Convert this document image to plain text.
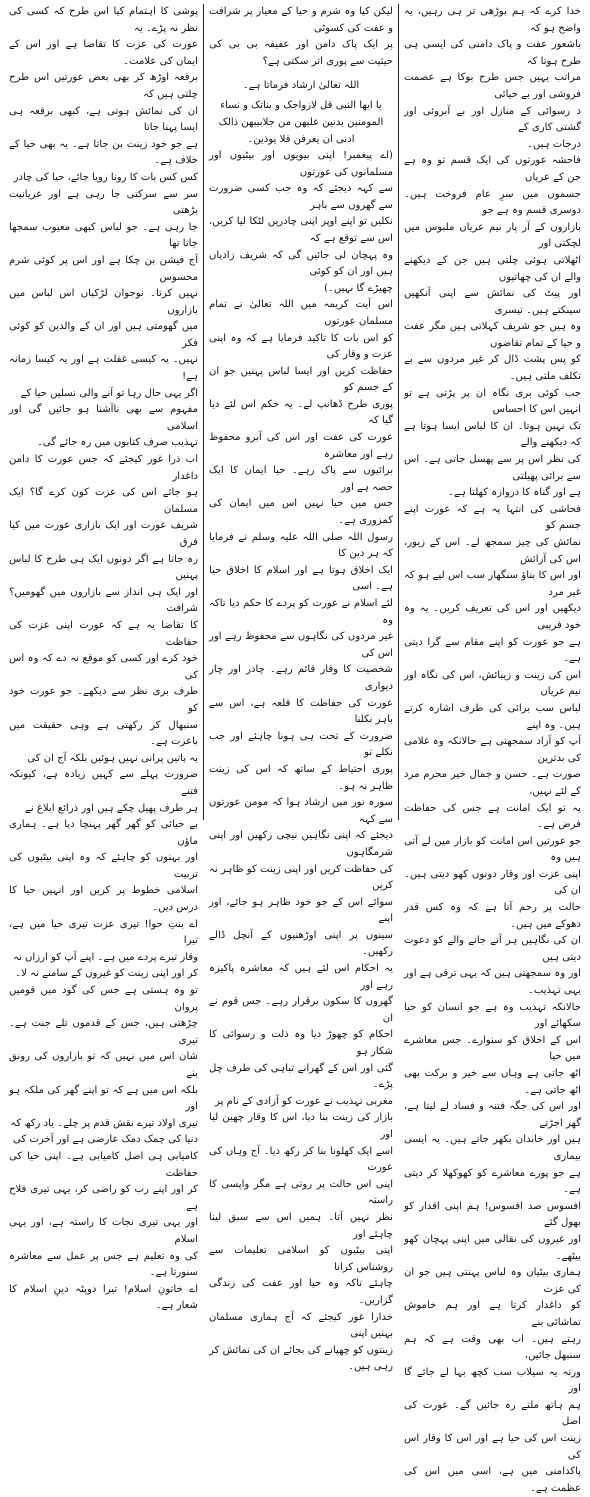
خدا کرے کہ ہم بوڑھی تر ہی رہیں، یہ واضح ہو کہ

باشعور عفت و پاک دامنی کی ایسی ہی طرح ہوتا کہ

مراتب یہیں جس طرح بوکا ہے عصمت فروشی اور بے حیائی

د رسوائی کے منازل اور بے آبروئی اور گشتی کاری کے

درجات ہیں۔

فاحشہ عورتوں کی ایک قسم تو وہ ہے جن کے عریاں

جسموں میں سرِ عام فروخت ہیں۔ دوسری قسم وہ ہے جو

بازاروں کے آر پار نیم عریاں ملبوس میں لچکتی اور

اٹھلاتی ہوئی چلتی ہیں جن کے دیکھنے والے ان کی چھاتیوں

اور پیٹ کی نمائش سے اپنی آنکھیں سینکتے ہیں۔ تیسری

وہ ہیں جو شریف کہلاتی ہیں مگر عفت و حیا کے تمام تقاضوں

کو پس پشت ڈال کر غیر مردوں سے بے تکلف ملتی ہیں۔

جب کوئی بری نگاہ ان پر پڑتی ہے تو انہیں اس کا احساس

تک نہیں ہوتا۔ ان کا لباس ایسا ہوتا ہے کہ دیکھنے والے

کی نظر اس پر سے پھسل جاتی ہے۔ اس سے برائی پھیلتی

ہے اور گناہ کا دروازہ کھلتا ہے۔

فحاشی کی انتہا یہ ہے کہ عورت اپنے جسم کو

نمائش کی چیز سمجھ لے۔ اس کے زیور، اس کی آرائش

اور اس کا بناؤ سنگھار سب اس لیے ہو کہ غیر مرد

دیکھیں اور اس کی تعریف کریں۔ یہ وہ خود فریبی

ہے جو عورت کو اپنے مقام سے گرا دیتی ہے۔

اس کی زینت و زیبائش، اس کی نگاہ اور نیم عریاں

لباس سب برائی کی طرف اشارہ کرتے ہیں۔ وہ اپنے

آپ کو آزاد سمجھتی ہے حالانکہ وہ غلامی کی بدترین

صورت ہے۔ حسن و جمال خیر محرم مرد کے لئے نہیں،

یہ تو ایک امانت ہے جس کی حفاظت فرض ہے۔

جو عورتیں اس امانت کو بازار میں لے آتی ہیں وہ

اپنی عزت اور وقار دونوں کھو دیتی ہیں۔ ان کی

حالت پر رحم آتا ہے کہ وہ کس قدر دھوکے میں ہیں۔

ان کی نگاہیں ہر آنے جانے والے کو دعوت دیتی ہیں

اور وہ سمجھتی ہیں کہ یہی ترقی ہے اور یہی تہذیب۔

حالانکہ تہذیب وہ ہے جو انسان کو حیا سکھائے اور

اس کے اخلاق کو سنوارے۔ جس معاشرے میں حیا

اٹھ جاتی ہے وہاں سے خیر و برکت بھی اٹھ جاتی ہے۔

اور اس کی جگہ فتنہ و فساد لے لیتا ہے، گھر اجڑتے

ہیں اور خاندان بکھر جاتے ہیں۔ یہ ایسی بیماری

ہے جو پورے معاشرے کو کھوکھلا کر دیتی ہے۔

افسوس صد افسوس! ہم اپنی اقدار کو بھول گئے

اور غیروں کی نقالی میں اپنی پہچان کھو بیٹھے۔

ہماری بیٹیاں وہ لباس پہنتی ہیں جو ان کی عزت

کو داغدار کرتا ہے اور ہم خاموش تماشائی بنے

رہتے ہیں۔ اب بھی وقت ہے کہ ہم سنبھل جائیں،

ورنہ یہ سیلاب سب کچھ بہا لے جائے گا اور

ہم ہاتھ ملتے رہ جائیں گے۔ عورت کی اصل

زینت اس کی حیا ہے اور اس کا وقار اس کی

پاکدامنی میں ہے، اسی میں اس کی عظمت ہے۔

لیکن کیا وہ شرم و حیا کے معیار پر شرافت و عفت کی کسوٹی

پر ایک پاک دامن اور عفیفہ بی بی کی حیثیت سے پوری اتر سکتی ہے؟

اللہ تعالیٰ ارشاد فرماتا ہے۔

یا ایھا النبی قل لازواجک و بناتک و نساء المومنین یدنین علیھن من جلابیبھن ذالک ادنی ان یعرفن فلا یوذین۔

(اے پیغمبر! اپنی بیویوں اور بیٹیوں اور مسلمانوں کی عورتوں

سے کہہ دیجئے کہ وہ جب کسی ضرورت سے گھروں سے باہر

نکلیں تو اپنے اوپر اپنی چادریں لٹکا لیا کریں، اس سے توقع ہے کہ

وہ پہچان لی جائیں گی کہ شریف زادیاں ہیں اور ان کو کوئی

چھیڑے گا نہیں۔)

اس آیت کریمہ میں اللہ تعالیٰ نے تمام مسلمان عورتوں

کو اس بات کا تاکید فرمایا ہے کہ وہ اپنی عزت و وقار کی

حفاظت کریں اور ایسا لباس پہنیں جو ان کے جسم کو

پوری طرح ڈھانپ لے۔ یہ حکم اس لئے دیا گیا کہ

عورت کی عفت اور اس کی آبرو محفوظ رہے اور معاشرہ

برائیوں سے پاک رہے۔ حیا ایمان کا ایک حصہ ہے اور

جس میں حیا نہیں اس میں ایمان کی کمزوری ہے۔

رسول اللہ صلی اللہ علیہ وسلم نے فرمایا کہ ہر دین کا

ایک اخلاق ہوتا ہے اور اسلام کا اخلاق حیا ہے۔ اسی

لئے اسلام نے عورت کو پردے کا حکم دیا تاکہ وہ

غیر مردوں کی نگاہوں سے محفوظ رہے اور اس کی

شخصیت کا وقار قائم رہے۔ چادر اور چار دیواری

عورت کی حفاظت کا قلعہ ہے، اس سے باہر نکلنا

ضرورت کے تحت ہی ہونا چاہئے اور جب نکلے تو

پوری احتیاط کے ساتھ کہ اس کی زینت ظاہر نہ ہو۔

سورہ نور میں ارشاد ہوا کہ مومن عورتوں سے کہہ

دیجئے کہ اپنی نگاہیں نیچی رکھیں اور اپنی شرمگاہوں

کی حفاظت کریں اور اپنی زینت کو ظاہر نہ کریں

سوائے اس کے جو خود ظاہر ہو جائے، اور اپنے

سینوں پر اپنی اوڑھنیوں کے آنچل ڈالے رکھیں۔

یہ احکام اس لئے ہیں کہ معاشرہ پاکیزہ رہے اور

گھروں کا سکون برقرار رہے۔ جس قوم نے ان

احکام کو چھوڑ دیا وہ ذلت و رسوائی کا شکار ہو

گئی اور اس کے گھرانے تباہی کی طرف چل پڑے۔

مغربی تہذیب نے عورت کو آزادی کے نام پر

بازار کی زینت بنا دیا، اس کا وقار چھین لیا اور

اسے ایک کھلونا بنا کر رکھ دیا۔ آج وہاں کی عورت

اپنی اس حالت پر روتی ہے مگر واپسی کا راستہ

نظر نہیں آتا۔ ہمیں اس سے سبق لینا چاہئے اور

اپنی بیٹیوں کو اسلامی تعلیمات سے روشناس کرانا

چاہئے تاکہ وہ حیا اور عفت کی زندگی گزاریں۔

خدارا غور کیجئے کہ آج ہماری مسلمان بہنیں اپنی

زینتوں کو چھپانے کی بجائے ان کی نمائش کر رہی ہیں۔

پوشی کا اہتمام کیا اس طرح کہ کسی کی نظر نہ پڑے۔ یہ

عورت کی عزت کا تقاضا ہے اور اس کے ایمان کی علامت۔

برقعہ اوڑھ کر بھی بعض عورتیں اس طرح چلتی ہیں کہ

ان کی نمائش ہوتی ہے، کبھی برقعہ ہی ایسا پہنا جاتا

ہے جو خود زینت بن جاتا ہے۔ یہ بھی حیا کے خلاف ہے۔

کس کس بات کا رونا رویا جائے، حیا کی چادر

سر سے سرکتی جا رہی ہے اور عریانیت بڑھتی

جا رہی ہے۔ جو لباس کبھی معیوب سمجھا جاتا تھا

آج فیشن بن چکا ہے اور اس پر کوئی شرم محسوس

نہیں کرتا۔ نوجوان لڑکیاں اس لباس میں بازاروں

میں گھومتی ہیں اور ان کے والدین کو کوئی فکر

نہیں۔ یہ کیسی غفلت ہے اور یہ کیسا زمانہ ہے!

اگر یہی حال رہا تو آنے والی نسلیں حیا کے

مفہوم سے بھی ناآشنا ہو جائیں گی اور اسلامی

تہذیب صرف کتابوں میں رہ جائے گی۔

اب ذرا غور کیجئے کہ جس عورت کا دامن داغدار

ہو جائے اس کی عزت کون کرے گا؟ ایک مسلمان

شریف عورت اور ایک بازاری عورت میں کیا فرق

رہ جاتا ہے اگر دونوں ایک ہی طرح کا لباس پہنیں

اور ایک ہی انداز سے بازاروں میں گھومیں؟ شرافت

کا تقاضا یہ ہے کہ عورت اپنی عزت کی حفاظت

خود کرے اور کسی کو موقع نہ دے کہ وہ اس کی

طرف بری نظر سے دیکھے۔ جو عورت خود کو

سنبھال کر رکھتی ہے وہی حقیقت میں باعزت ہے۔

یہ باتیں پرانی نہیں ہوئیں بلکہ آج ان کی

ضرورت پہلے سے کہیں زیادہ ہے، کیونکہ فتنے

ہر طرف پھیل چکے ہیں اور ذرائع ابلاغ نے

بے حیائی کو گھر گھر پہنچا دیا ہے۔ ہماری ماؤں

اور بہنوں کو چاہئے کہ وہ اپنی بیٹیوں کی تربیت

اسلامی خطوط پر کریں اور انہیں حیا کا درس دیں۔

اے بنتِ حوا! تیری عزت تیری حیا میں ہے، تیرا

وقار تیرے پردے میں ہے۔ اپنے آپ کو ارزاں نہ

کر اور اپنی زینت کو غیروں کے سامنے نہ لا۔

تو وہ ہستی ہے جس کی گود میں قومیں پروان

چڑھتی ہیں، جس کے قدموں تلے جنت ہے۔ تیری

شان اس میں نہیں کہ تو بازاروں کی رونق بنے

بلکہ اس میں ہے کہ تو اپنے گھر کی ملکہ ہو اور

تیری اولاد تیرے نقش قدم پر چلے۔ یاد رکھ کہ

دنیا کی چمک دمک عارضی ہے اور آخرت کی

کامیابی ہی اصل کامیابی ہے۔ اپنی حیا کی حفاظت

کر اور اپنے رب کو راضی کر، یہی تیری فلاح ہے

اور یہی تیری نجات کا راستہ ہے، اور یہی اسلام

کی وہ تعلیم ہے جس پر عمل سے معاشرہ سنورتا ہے۔

اے خاتونِ اسلام! تیرا دوپٹہ دینِ اسلام کا شعار ہے۔
